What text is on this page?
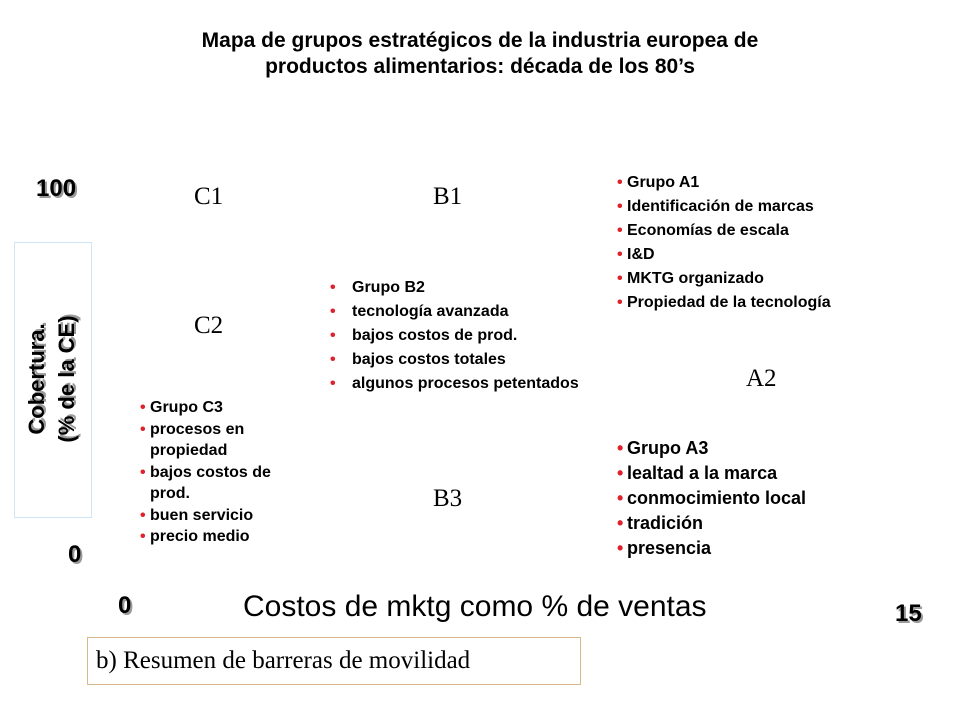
Mapa de grupos estratégicos de la industria europea de
productos alimentarios: década de los 80’s
100
0
0	15
Cobertura. (% de la CE)
C1	B1
C2
A2
B3
• Grupo A1
• Identificación de marcas
• Economías de escala
• I&D
• MKTG organizado
• Propiedad de la tecnología
• Grupo B2
• tecnología avanzada
• bajos costos de prod.
• bajos costos totales
• algunos procesos petentados
• Grupo C3
• procesos en propiedad
• bajos costos de prod.
• buen servicio
• precio medio
• Grupo A3
• lealtad a la marca
• conmocimiento local
• tradición
• presencia
Costos de mktg como % de ventas
b) Resumen de barreras de movilidad
